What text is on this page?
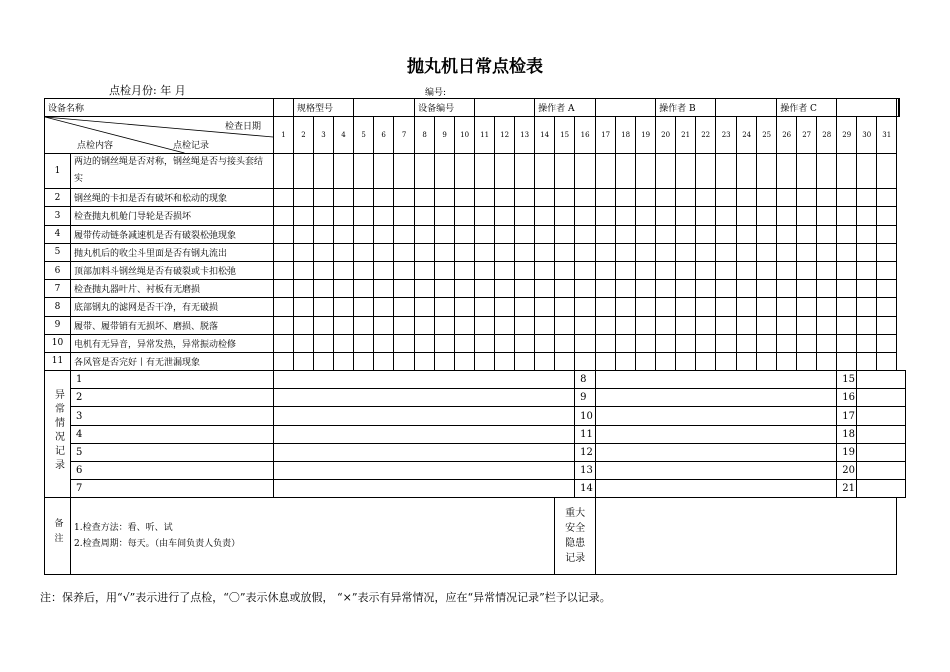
抛丸机日常点检表
点检月份: 年 月	编号:
设备名称			规格型号						设备编号						操作者 A						操作者 B						操作者 C			

检查日期
点检内容 点检记录		1	2	3	4	5	6	7	8	9	10	11	12	13	14	15	16	17	18	19	20	21	22	23	24	25	26	27	28	29	30	31		
1	两边的钢丝绳是否对称，钢丝绳是否与接头套结实																																	
2	钢丝绳的卡扣是否有破坏和松动的现象																																	
3	检查抛丸机舱门导轮是否损坏																																	
4	履带传动链条减速机是否有破裂松弛现象																																	
5	抛丸机后的收尘斗里面是否有钢丸流出																																	
6	顶部加料斗钢丝绳是否有破裂或卡扣松弛																																	
7	检查抛丸器叶片、衬板有无磨损																																	
8	底部钢丸的滤网是否干净，有无破损																																	
9	履带、履带销有无损坏、磨损、脱落																																	
10	电机有无异音，异常发热，异常振动检修																																	
11	各风管是否完好丨有无泄漏现象																																	
异常情况记录	1																8													15				
	2																9													16				
	3																10													17				
	4																11													18				
	5																12													19				
	6																13													20				
	7																14													21				
备注	1.检查方法：看、听、试
2.检查周期：每天。（由车间负责人负责）															重大安全隐患记录																		
注：保养后，用“√”表示进行了点检，“〇”表示休息或放假， “×”表示有异常情况，应在“异常情况记录”栏予以记录。
